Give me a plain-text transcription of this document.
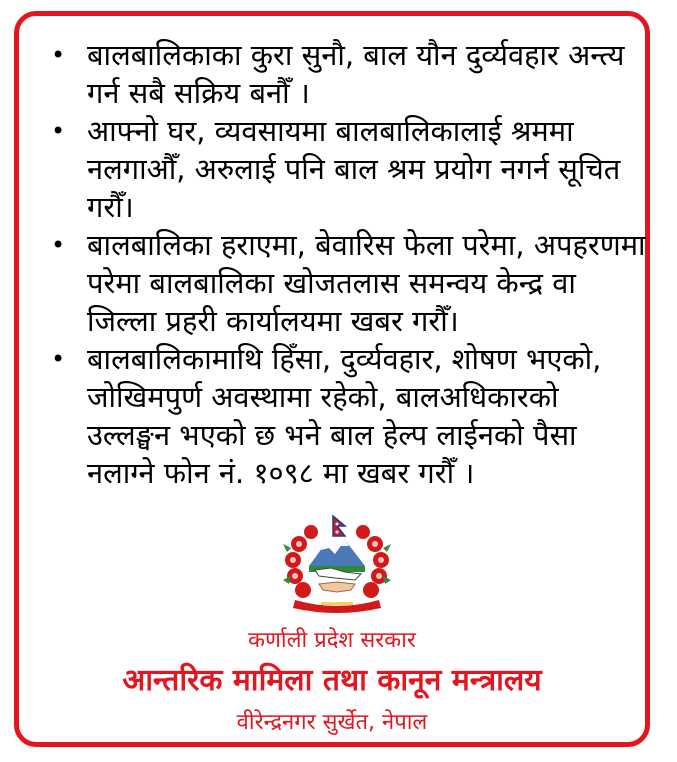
• बालबालिकाका कुरा सुनौ, बाल यौन दुर्व्यवहार अन्त्य गर्न सबै सक्रिय बनौँ ।
• आफ्नो घर, व्यवसायमा बालबालिकालाई श्रममा नलगाऔँ, अरुलाई पनि बाल श्रम प्रयोग नगर्न सूचित गरौँ।
• बालबालिका हराएमा, बेवारिस फेला परेमा, अपहरणमा परेमा बालबालिका खोजतलास समन्वय केन्द्र वा जिल्ला प्रहरी कार्यालयमा खबर गरौँ।
• बालबालिकामाथि हिँसा, दुर्व्यवहार, शोषण भएको, जोखिमपुर्ण अवस्थामा रहेको, बालअधिकारको उल्लङ्घन भएको छ भने बाल हेल्प लाईनको पैसा नलाग्ने फोन नं. १०९८ मा खबर गरौँ ।
कर्णाली प्रदेश सरकार
आन्तरिक मामिला तथा कानून मन्त्रालय
वीरेन्द्रनगर सुर्खेत, नेपाल
